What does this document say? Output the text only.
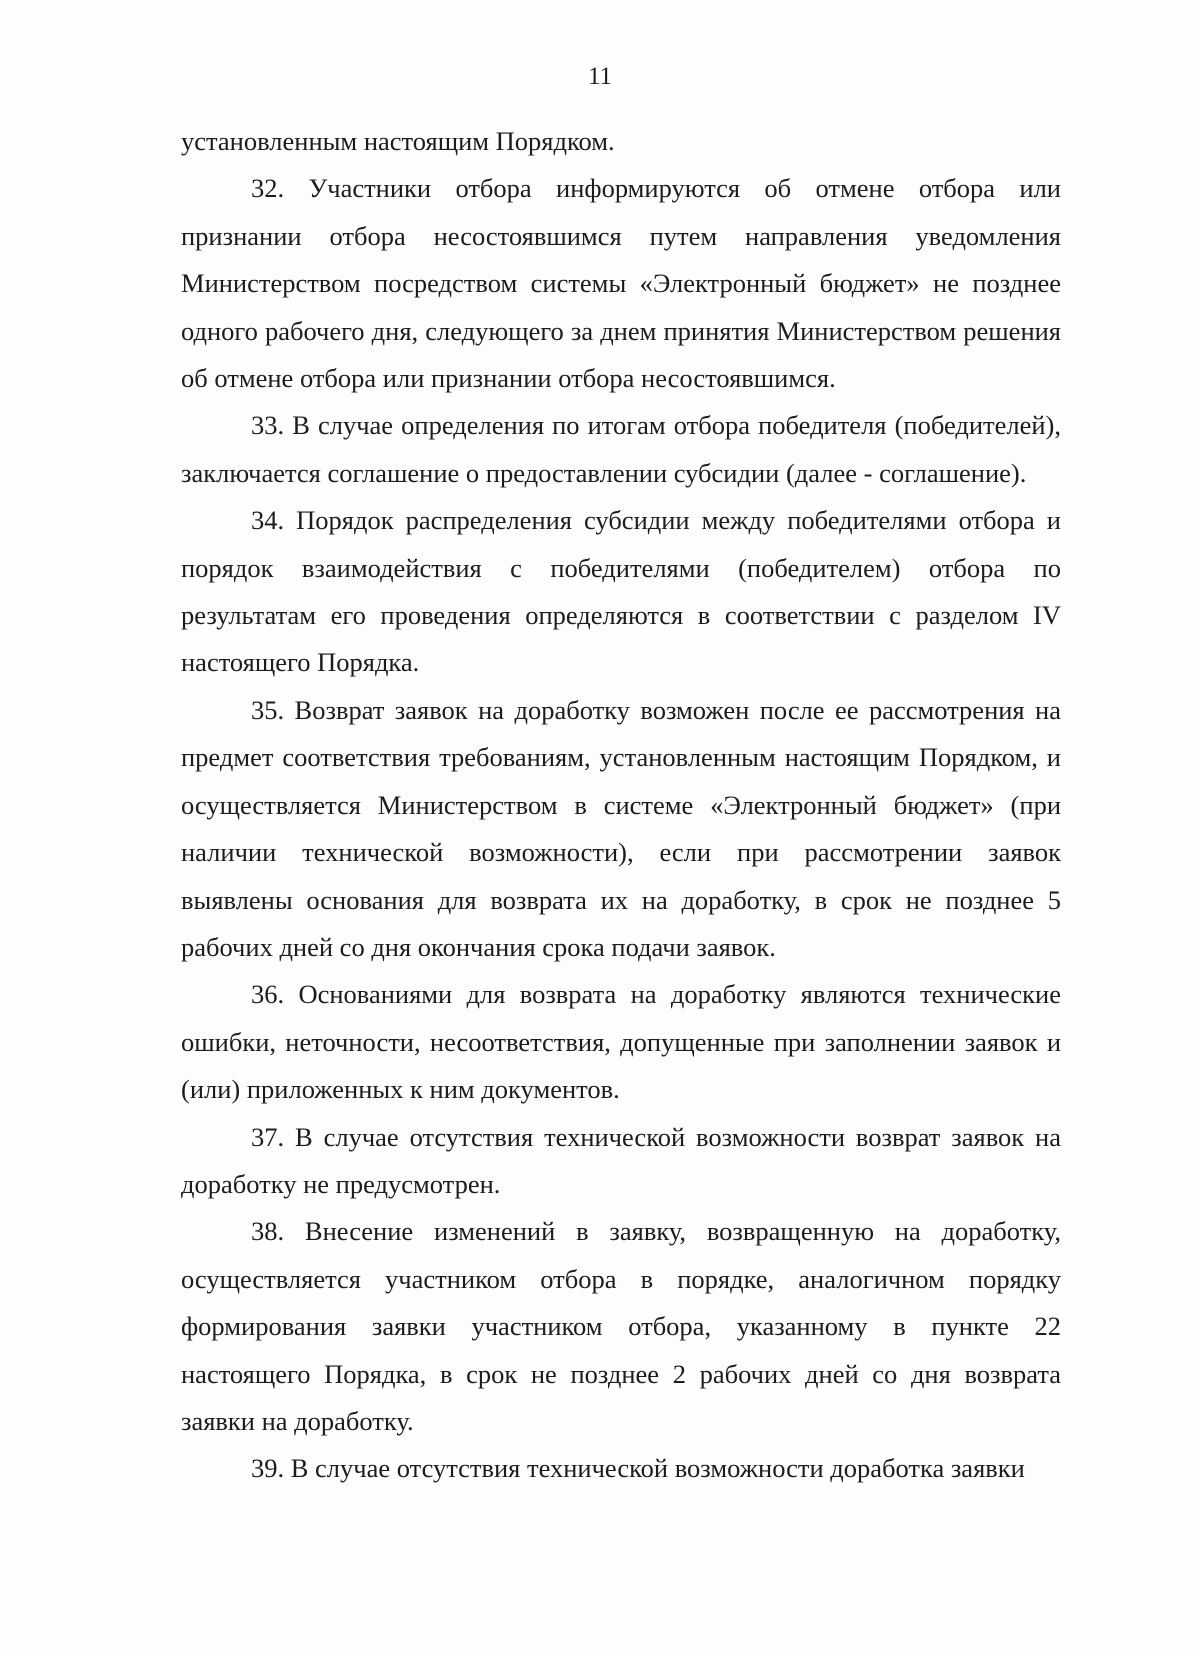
11

установленным настоящим Порядком.

32. Участники отбора информируются об отмене отбора или признании отбора несостоявшимся путем направления уведомления Министерством посредством системы «Электронный бюджет» не позднее одного рабочего дня, следующего за днем принятия Министерством решения об отмене отбора или признании отбора несостоявшимся.

33. В случае определения по итогам отбора победителя (победителей), заключается соглашение о предоставлении субсидии (далее - соглашение).

34. Порядок распределения субсидии между победителями отбора и порядок взаимодействия с победителями (победителем) отбора по результатам его проведения определяются в соответствии с разделом IV настоящего Порядка.

35. Возврат заявок на доработку возможен после ее рассмотрения на предмет соответствия требованиям, установленным настоящим Порядком, и осуществляется Министерством в системе «Электронный бюджет» (при наличии технической возможности), если при рассмотрении заявок выявлены основания для возврата их на доработку, в срок не позднее 5 рабочих дней со дня окончания срока подачи заявок.

36. Основаниями для возврата на доработку являются технические ошибки, неточности, несоответствия, допущенные при заполнении заявок и (или) приложенных к ним документов.

37. В случае отсутствия технической возможности возврат заявок на доработку не предусмотрен.

38. Внесение изменений в заявку, возвращенную на доработку, осуществляется участником отбора в порядке, аналогичном порядку формирования заявки участником отбора, указанному в пункте 22 настоящего Порядка, в срок не позднее 2 рабочих дней со дня возврата заявки на доработку.

39. В случае отсутствия технической возможности доработка заявки
